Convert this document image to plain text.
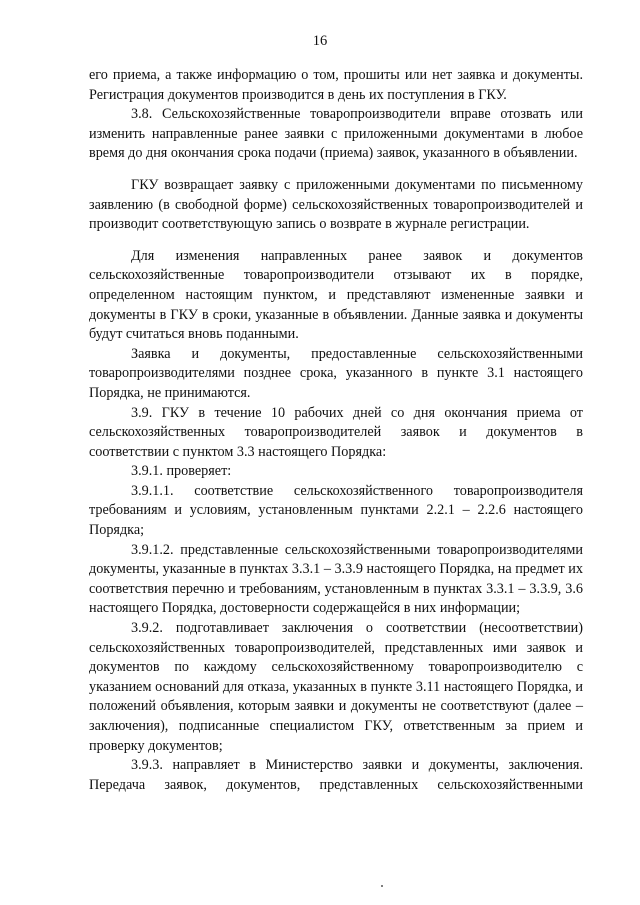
16

его приема, а также информацию о том, прошиты или нет заявка и документы. Регистрация документов производится в день их поступления в ГКУ.

3.8. Сельскохозяйственные товаропроизводители вправе отозвать или изменить направленные ранее заявки с приложенными документами в любое время до дня окончания срока подачи (приема) заявок, указанного в объявлении.

ГКУ возвращает заявку с приложенными документами по письменному заявлению (в свободной форме) сельскохозяйственных товаропроизводителей и производит соответствующую запись о возврате в журнале регистрации.

Для изменения направленных ранее заявок и документов сельскохозяйственные товаропроизводители отзывают их в порядке, определенном настоящим пунктом, и представляют измененные заявки и документы в ГКУ в сроки, указанные в объявлении. Данные заявка и документы будут считаться вновь поданными.

Заявка и документы, предоставленные сельскохозяйственными товаропроизводителями позднее срока, указанного в пункте 3.1 настоящего Порядка, не принимаются.

3.9. ГКУ в течение 10 рабочих дней со дня окончания приема от сельскохозяйственных товаропроизводителей заявок и документов в соответствии с пунктом 3.3 настоящего Порядка:

3.9.1. проверяет:

3.9.1.1. соответствие сельскохозяйственного товаропроизводителя требованиям и условиям, установленным пунктами 2.2.1 – 2.2.6 настоящего Порядка;

3.9.1.2. представленные сельскохозяйственными товаропроизводителями документы, указанные в пунктах 3.3.1 – 3.3.9 настоящего Порядка, на предмет их соответствия перечню и требованиям, установленным в пунктах 3.3.1 – 3.3.9, 3.6 настоящего Порядка, достоверности содержащейся в них информации;

3.9.2. подготавливает заключения о соответствии (несоответствии) сельскохозяйственных товаропроизводителей, представленных ими заявок и документов по каждому сельскохозяйственному товаропроизводителю с указанием оснований для отказа, указанных в пункте 3.11 настоящего Порядка, и положений объявления, которым заявки и документы не соответствуют (далее – заключения), подписанные специалистом ГКУ, ответственным за прием и проверку документов;

3.9.3. направляет в Министерство заявки и документы, заключения. Передача заявок, документов, представленных сельскохозяйственными
